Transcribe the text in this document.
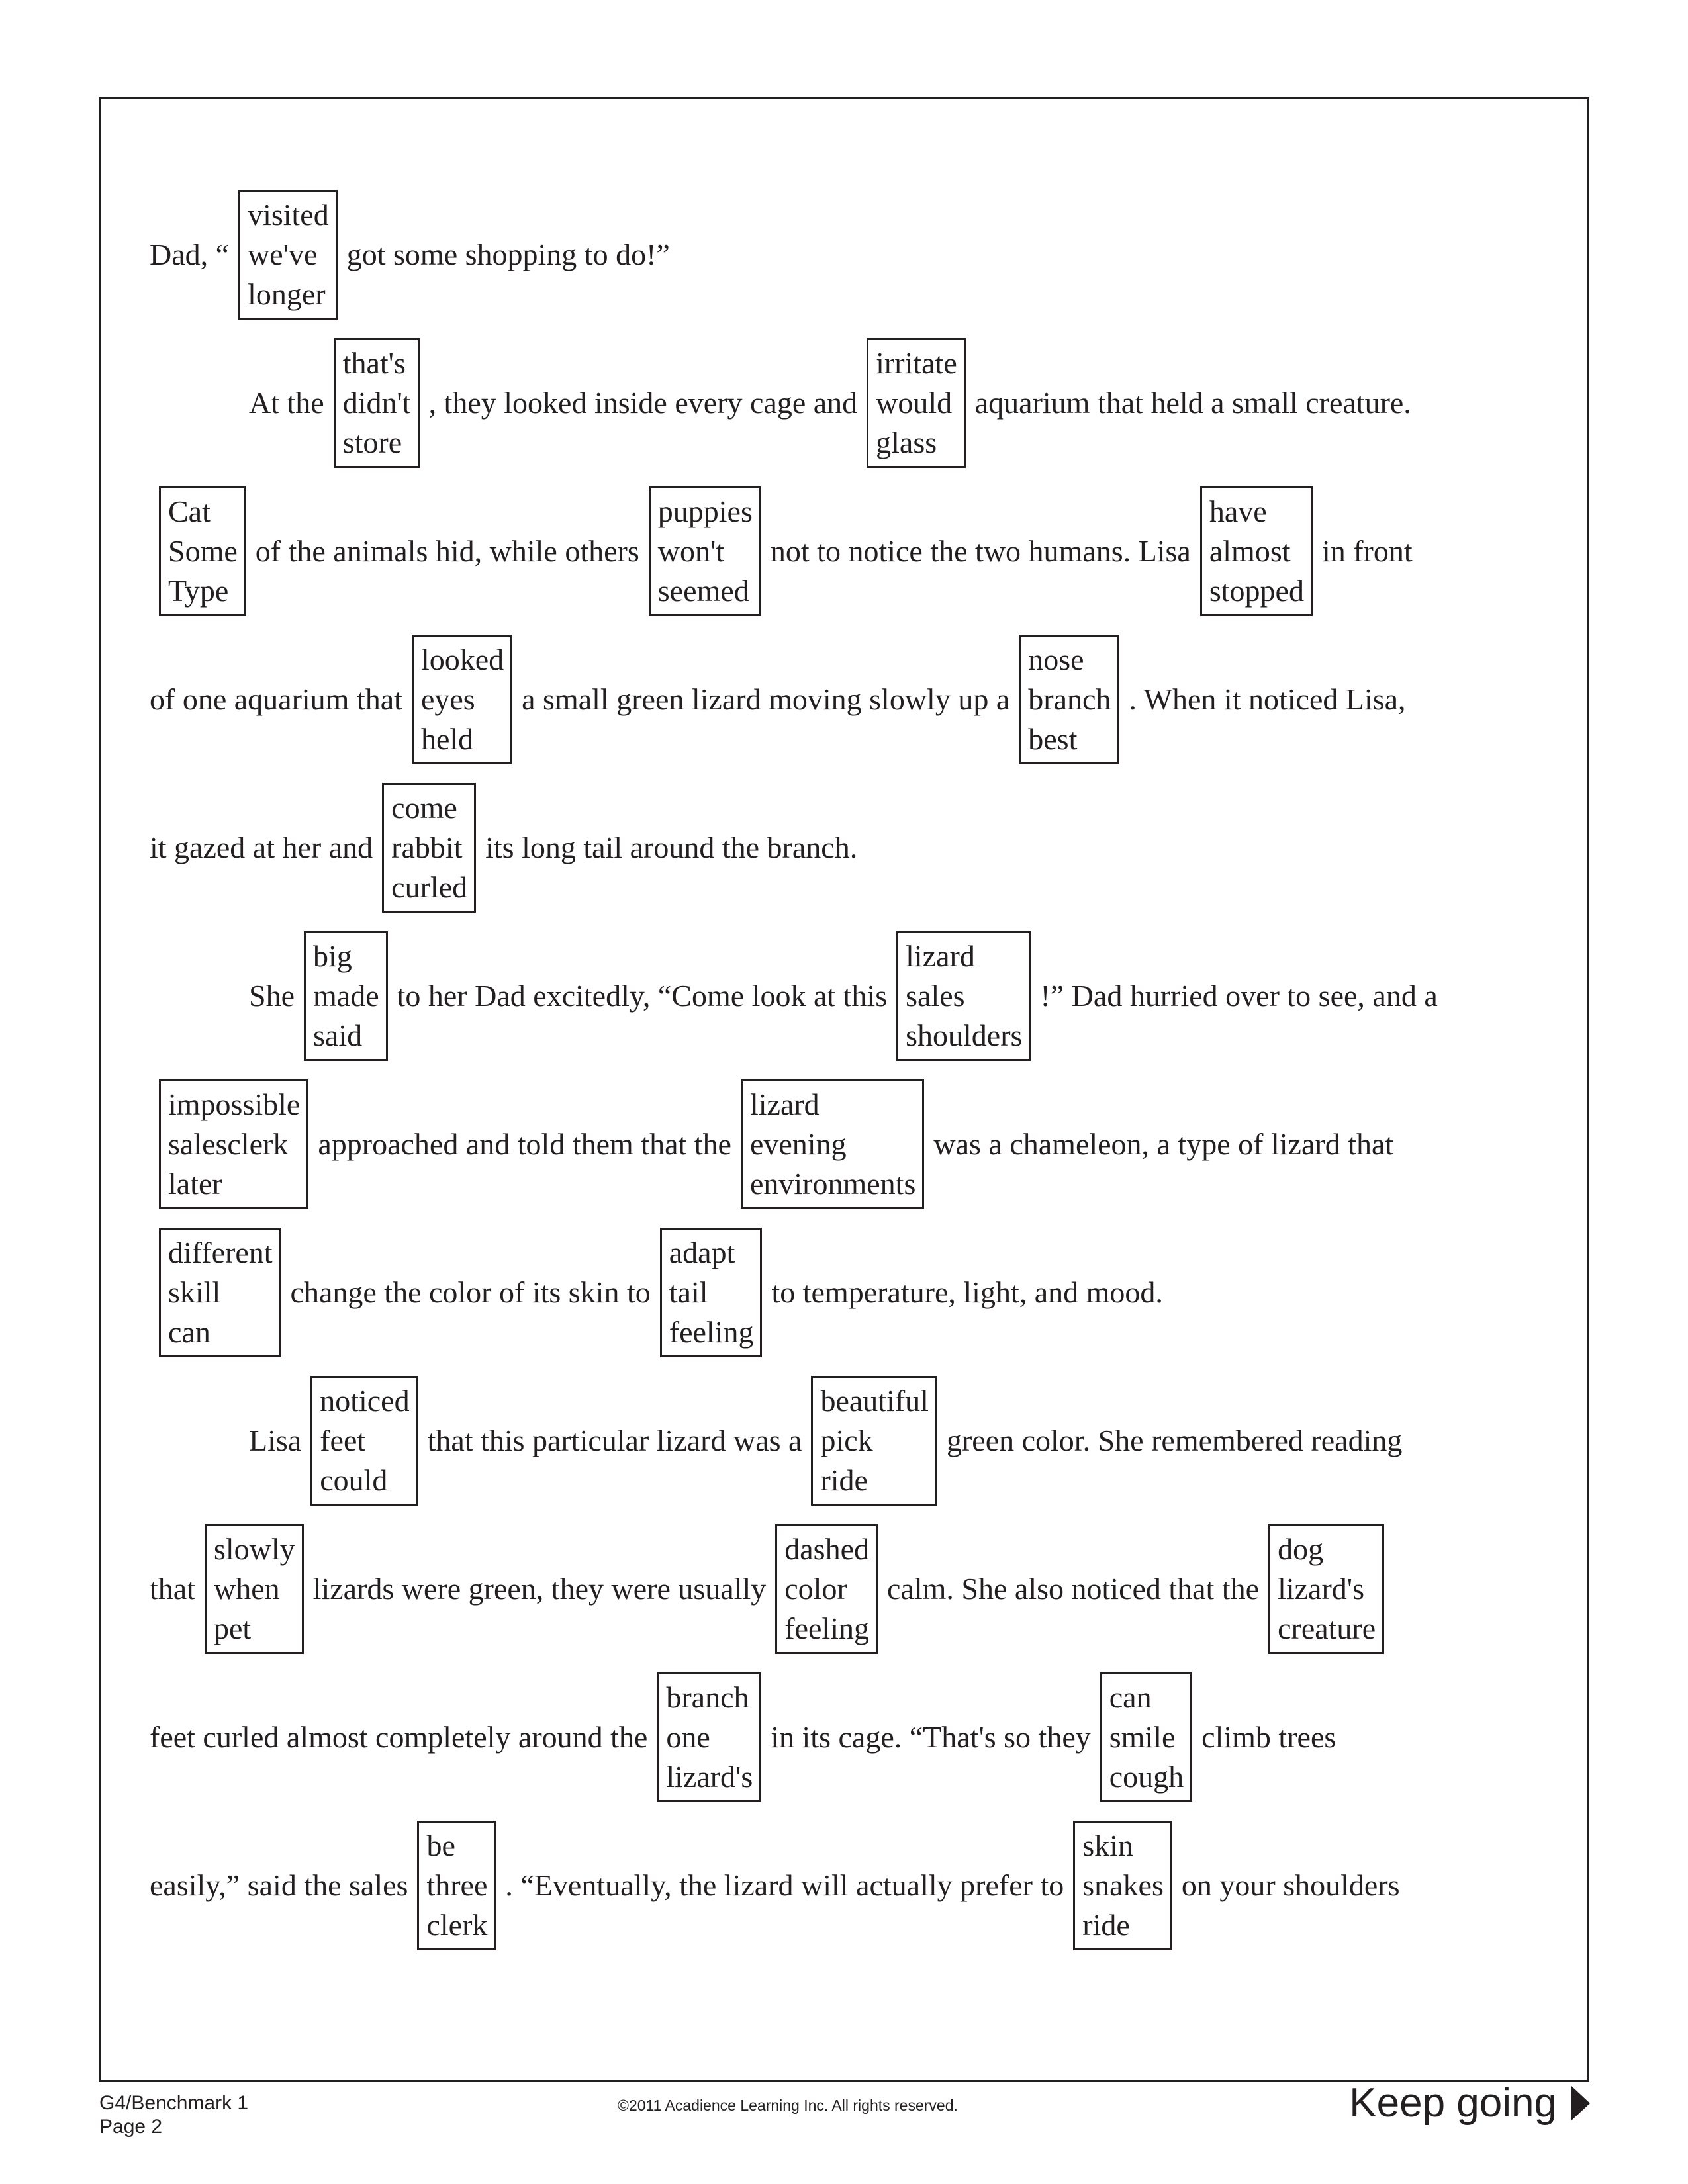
Dad, “
visited
we've
longer
got some shopping to do!”
At the
that's
didn't
store
, they looked inside every cage and
irritate
would
glass
aquarium that held a small creature.
Cat
Some
Type
of the animals hid, while others
puppies
won't
seemed
not to notice the two humans. Lisa
have
almost
stopped
in front
of one aquarium that
looked
eyes
held
a small green lizard moving slowly up a
nose
branch
best
. When it noticed Lisa,
it gazed at her and
come
rabbit
curled
its long tail around the branch.
She
big
made
said
to her Dad excitedly, “Come look at this
lizard
sales
shoulders
!” Dad hurried over to see, and a
impossible
salesclerk
later
approached and told them that the
lizard
evening
environments
was a chameleon, a type of lizard that
different
skill
can
change the color of its skin to
adapt
tail
feeling
to temperature, light, and mood.
Lisa
noticed
feet
could
that this particular lizard was a
beautiful
pick
ride
green color. She remembered reading
that
slowly
when
pet
lizards were green, they were usually
dashed
color
feeling
calm. She also noticed that the
dog
lizard's
creature
feet curled almost completely around the
branch
one
lizard's
in its cage. “That's so they
can
smile
cough
climb trees
easily,” said the sales
be
three
clerk
. “Eventually, the lizard will actually prefer to
skin
snakes
ride
on your shoulders
G4/Benchmark 1
Page 2
©2011 Acadience Learning Inc. All rights reserved.	Keep going
